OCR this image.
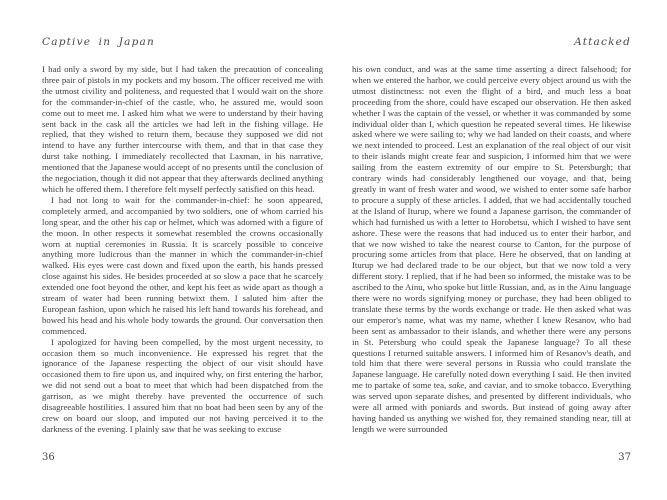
Captive in Japan

I had only a sword by my side, but I had taken the precaution of concealing three pair of pistols in my pockets and my bosom. The officer received me with the utmost civility and politeness, and requested that I would wait on the shore for the commander-in-chief of the castle, who, he assured me, would soon come out to meet me. I asked him what we were to understand by their having sent back in the cask all the articles we had left in the fishing village. He replied, that they wished to return them, because they supposed we did not intend to have any further intercourse with them, and that in that case they durst take nothing. I immediately recollected that Laxman, in his narrative, mentioned that the Japanese would accept of no presents until the conclusion of the negociation, though it did not appear that they afterwards declined anything which he offered them. I therefore felt myself perfectly satisfied on this head.

I had not long to wait for the commander-in-chief: he soon appeared, completely armed, and accompanied by two soldiers, one of whom carried his long spear, and the other his cap or helmet, which was adorned with a figure of the moon. In other respects it somewhat resembled the crowns occasionally worn at nuptial ceremonies in Russia. It is scarcely possible to conceive anything more ludicrous than the manner in which the commander-in-chief walked. His eyes were cast down and fixed upon the earth, his hands pressed close against his sides. He besides proceeded at so slow a pace that he scarcely extended one foot beyond the other, and kept his feet as wide apart as though a stream of water had been running betwixt them. I saluted him after the European fashion, upon which he raised his left hand towards his forehead, and bowed his head and his whole body towards the ground. Our conversation then commenced.

I apologized for having been compelled, by the most urgent necessity, to occasion them so much inconvenience. He expressed his regret that the ignorance of the Japanese respecting the object of our visit should have occasioned them to fire upon us, and inquired why, on first entering the harbor, we did not send out a boat to meet that which had been dispatched from the garrison, as we might thereby have prevented the occurrence of such disagreeable hostilities. I assured him that no boat had been seen by any of the crew on board our sloop, and imputed our not having perceived it to the darkness of the evening. I plainly saw that he was seeking to excuse

Attacked

his own conduct, and was at the same time asserting a direct falsehood; for when we entered the harbor, we could perceive every object around us with the utmost distinctness: not even the flight of a bird, and much less a boat proceeding from the shore, could have escaped our observation. He then asked whether I was the captain of the vessel, or whether it was commanded by some individual older than I, which question he repeated several times. He likewise asked where we were sailing to; why we had landed on their coasts, and where we next intended to proceed. Lest an explanation of the real object of our visit to their islands might create fear and suspicion, I informed him that we were sailing from the eastern extremity of our empire to St. Petersburgh; that contrary winds had considerably lengthened our voyage, and that, being greatly in want of fresh water and wood, we wished to enter some safe harbor to procure a supply of these articles. I added, that we had accidentally touched at the Island of Iturup, where we found a Japanese garrison, the commander of which had furnished us with a letter to Horobetsu, which I wished to have sent ashore. These were the reasons that had induced us to enter their harbor, and that we now wished to take the nearest course to Canton, for the purpose of procuring some articles from that place. Here he observed, that on landing at Iturup we had declared trade to be our object, but that we now told a very different story. I replied, that if he had been so informed, the mistake was to be ascribed to the Ainu, who spoke but little Russian, and, as in the Ainu language there were no words signifying money or purchase, they had been obliged to translate these terms by the words exchange or trade. He then asked what was our emperor's name, what was my name, whether I knew Resanov, who had been sent as ambassador to their islands, and whether there were any persons in St. Petersburg who could speak the Japanese language? To all these questions I returned suitable answers. I informed him of Resanov's death, and told him that there were several persons in Russia who could translate the Japanese language. He carefully noted down everything I said. He then invited me to partake of some tea, sake, and caviar, and to smoke tobacco. Everything was served upon separate dishes, and presented by different individuals, who were all armed with poniards and swords. But instead of going away after having handed us anything we wished for, they remained standing near, till at length we were surrounded

36	37
